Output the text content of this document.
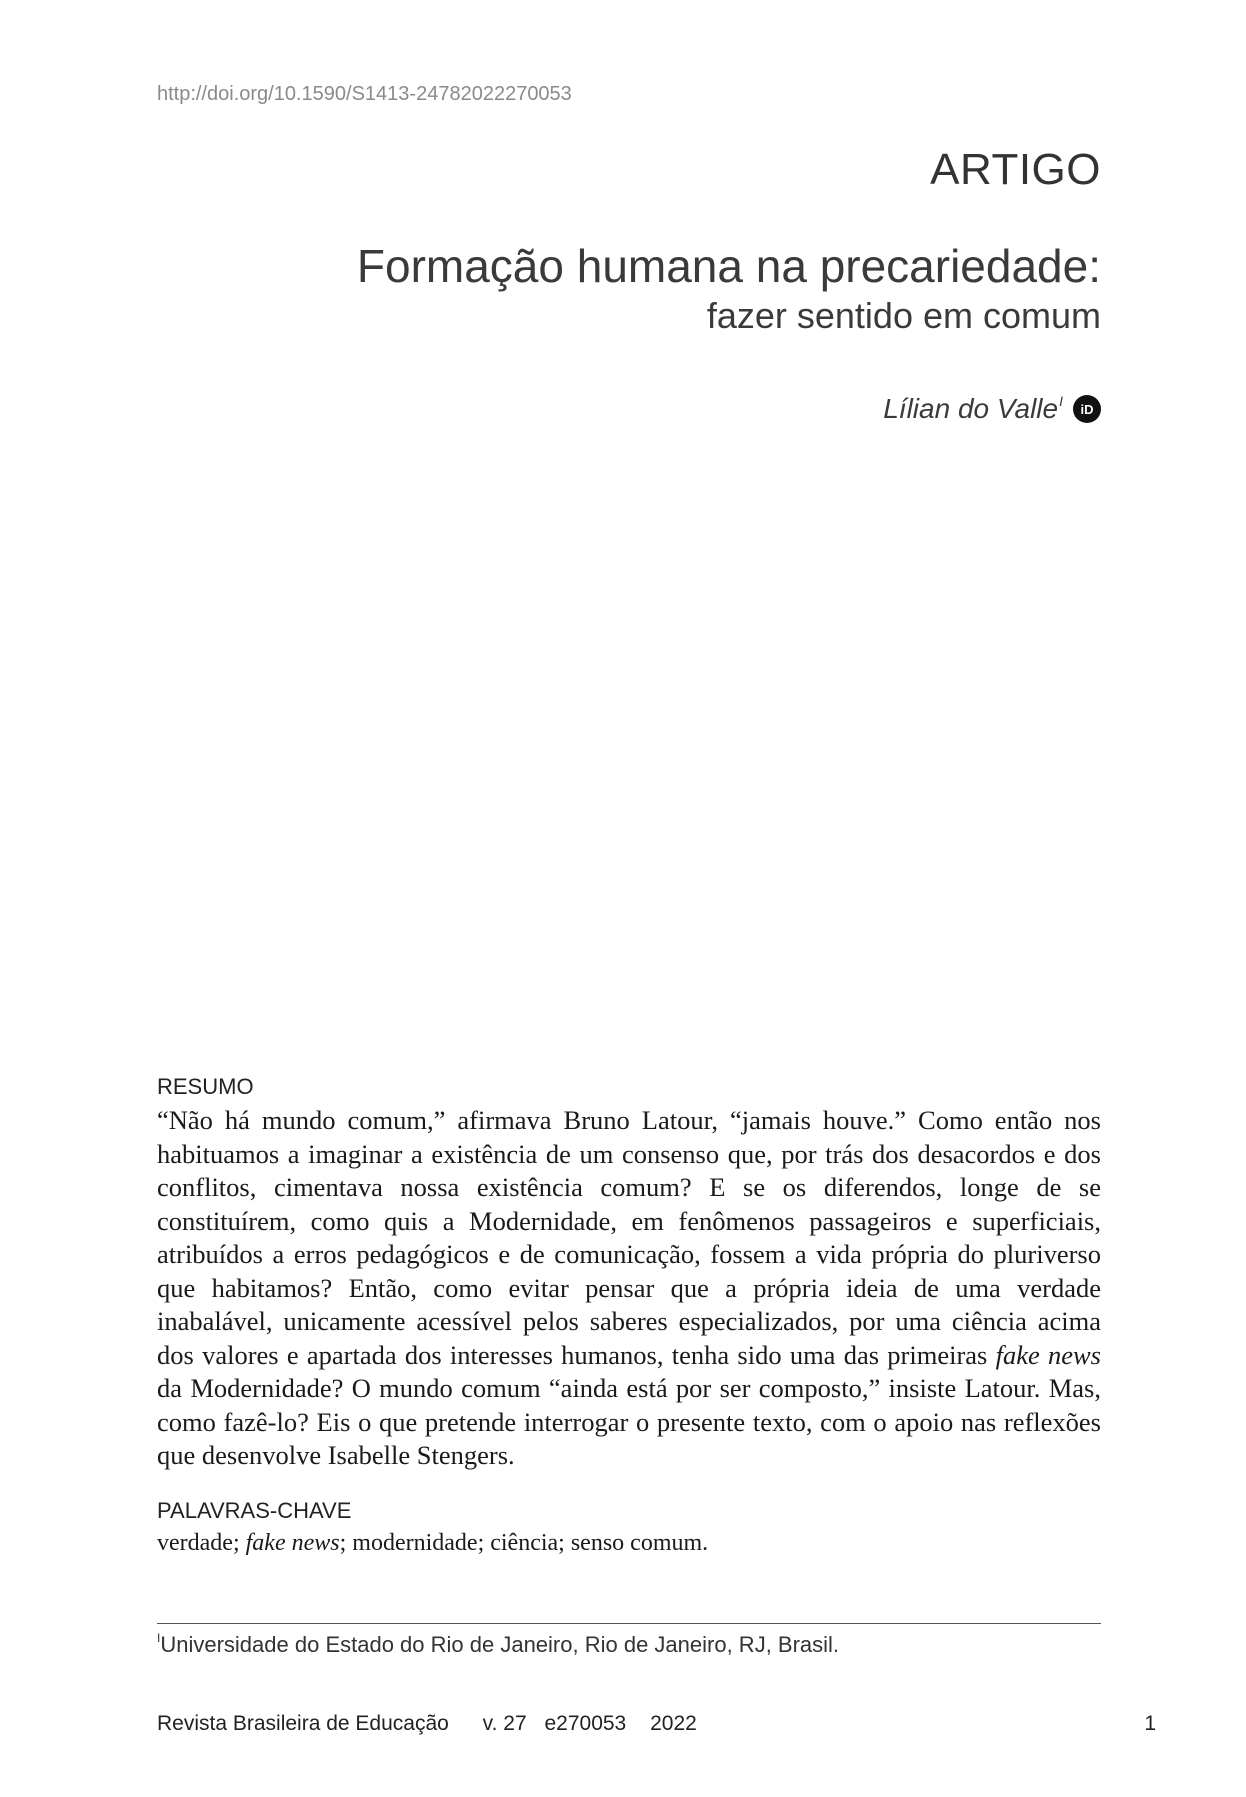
http://doi.org/10.1590/S1413-24782022270053
ARTIGO
Formação humana na precariedade:
fazer sentido em comum
Lílian do Valle I	iD
RESUMO

“Não há mundo comum,” afirmava Bruno Latour, “jamais houve.” Como então nos habituamos a imaginar a existência de um consenso que, por trás dos desacordos e dos conflitos, cimentava nossa existência comum? E se os diferendos, longe de se constituírem, como quis a Modernidade, em fenômenos passageiros e superficiais, atribuídos a erros pedagógicos e de comunicação, fossem a vida própria do pluriverso que habitamos? Então, como evitar pensar que a própria ideia de uma verdade inabalável, unicamente acessível pelos saberes especializados, por uma ciência acima dos valores e apartada dos interesses humanos, tenha sido uma das primeiras fake news da Modernidade? O mundo comum “ainda está por ser composto,” insiste Latour. Mas, como fazê-lo? Eis o que pretende interrogar o presente texto, com o apoio nas reflexões que desenvolve Isabelle Stengers.

PALAVRAS-CHAVE
verdade; fake news; modernidade; ciência; senso comum.
$^I$Universidade do Estado do Rio de Janeiro, Rio de Janeiro, RJ, Brasil.
Revista Brasileira de Educação v. 27 e270053 2022	1
